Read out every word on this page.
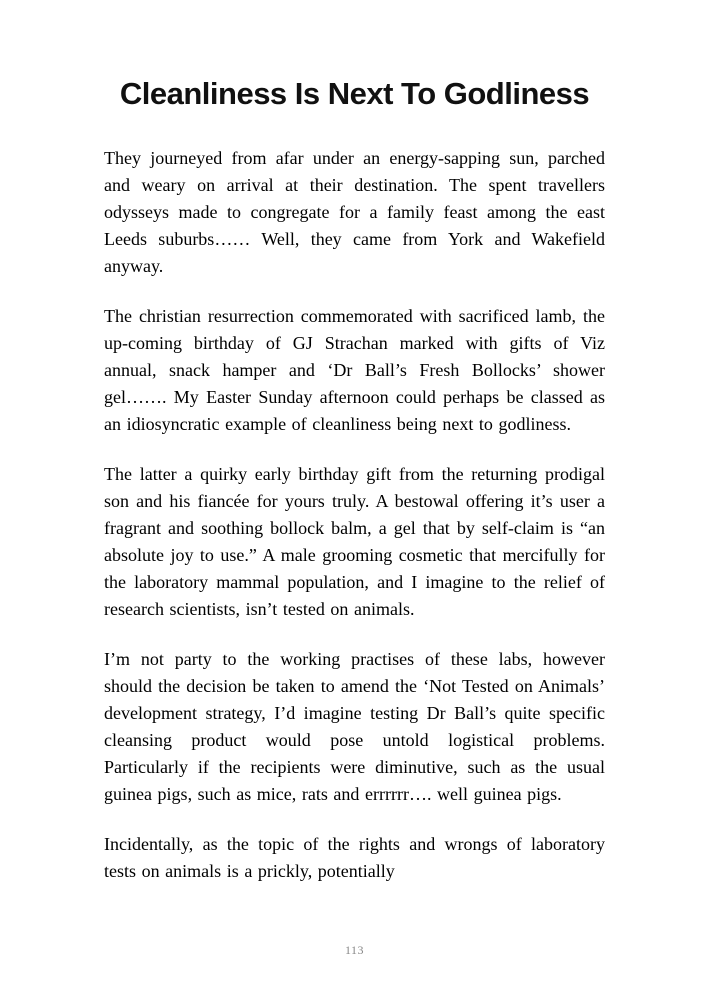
Cleanliness Is Next To Godliness

They journeyed from afar under an energy-sapping sun, parched and weary on arrival at their destination. The spent travellers odysseys made to congregate for a family feast among the east Leeds suburbs…… Well, they came from York and Wakefield anyway.

The christian resurrection commemorated with sacrificed lamb, the up-coming birthday of GJ Strachan marked with gifts of Viz annual, snack hamper and ‘Dr Ball’s Fresh Bollocks’ shower gel……. My Easter Sunday afternoon could perhaps be classed as an idiosyncratic example of cleanliness being next to godliness.

The latter a quirky early birthday gift from the returning prodigal son and his fiancée for yours truly. A bestowal offering it’s user a fragrant and soothing bollock balm, a gel that by self-claim is “an absolute joy to use.” A male grooming cosmetic that mercifully for the laboratory mammal population, and I imagine to the relief of research scientists, isn’t tested on animals.

I’m not party to the working practises of these labs, however should the decision be taken to amend the ‘Not Tested on Animals’ development strategy, I’d imagine testing Dr Ball’s quite specific cleansing product would pose untold logistical problems. Particularly if the recipients were diminutive, such as the usual guinea pigs, such as mice, rats and errrrrr…. well guinea pigs.

Incidentally, as the topic of the rights and wrongs of laboratory tests on animals is a prickly, potentially

113
